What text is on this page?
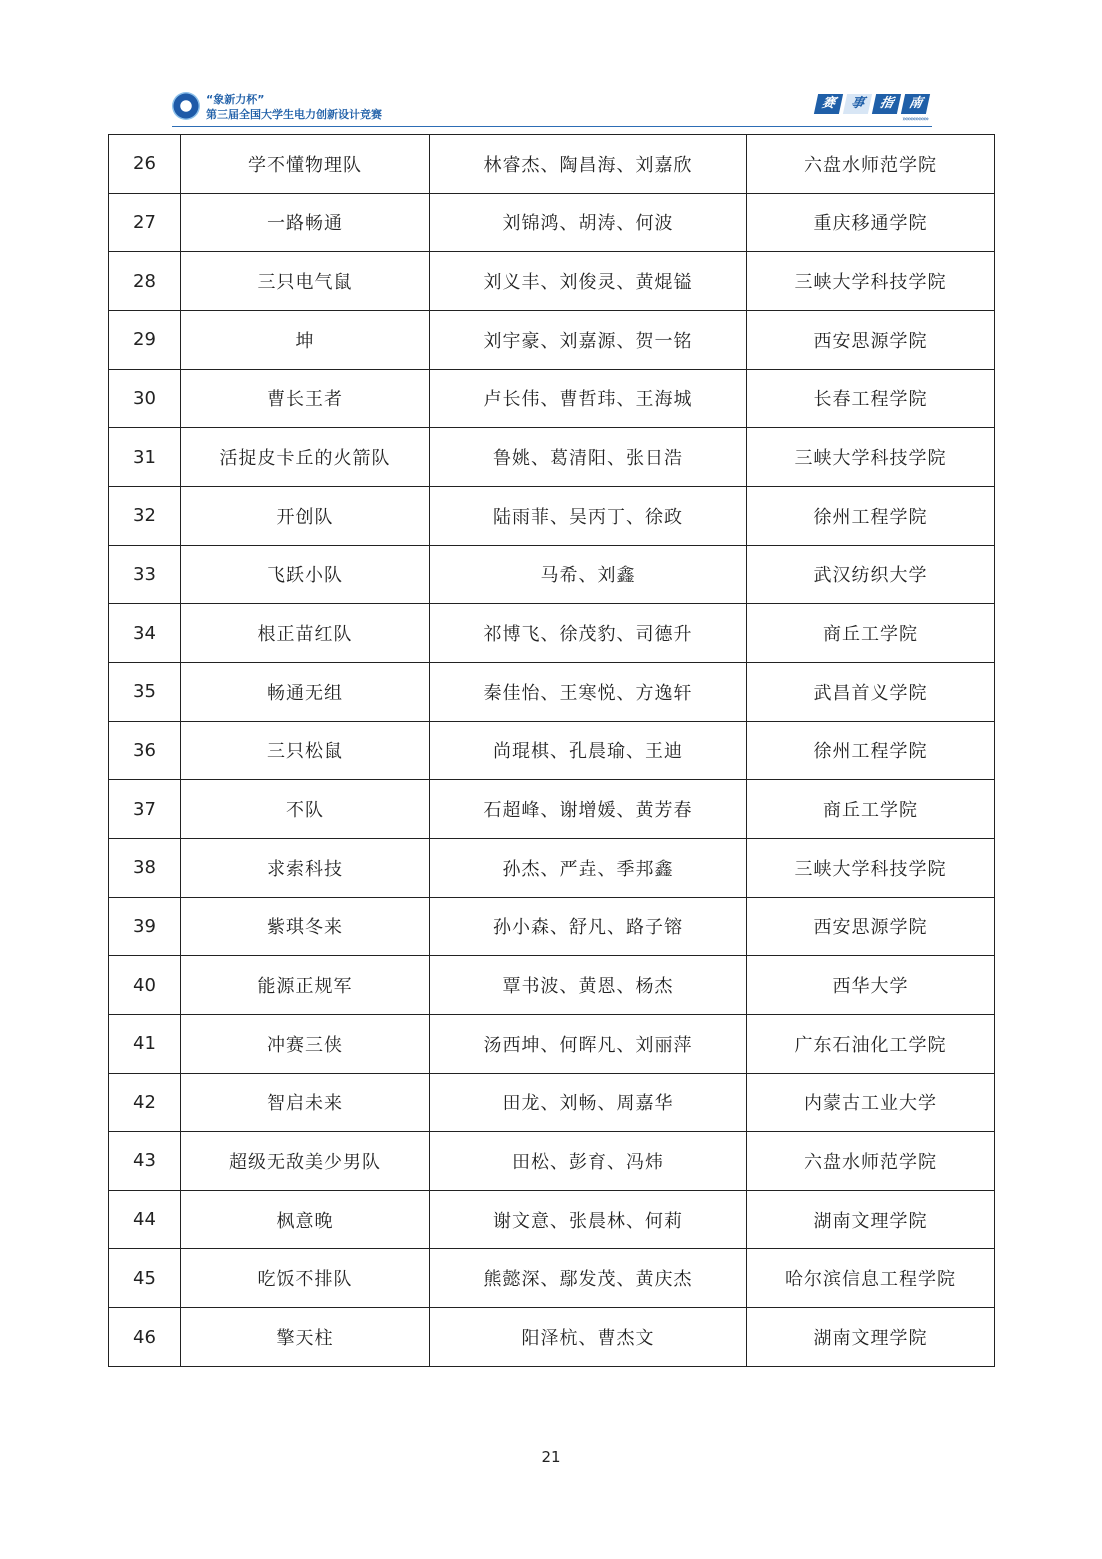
“象新力杯”
第三届全国大学生电力创新设计竞赛
赛 事 指 南
»»»»»»»»
26	学不懂物理队	林睿杰、陶昌海、刘嘉欣	六盘水师范学院
27	一路畅通	刘锦鸿、胡涛、何波	重庆移通学院
28	三只电气鼠	刘义丰、刘俊灵、黄焜镒	三峡大学科技学院
29	坤	刘宇豪、刘嘉源、贺一铭	西安思源学院
30	曹长王者	卢长伟、曹哲玮、王海城	长春工程学院
31	活捉皮卡丘的火箭队	鲁姚、葛清阳、张日浩	三峡大学科技学院
32	开创队	陆雨菲、吴丙丁、徐政	徐州工程学院
33	飞跃小队	马希、刘鑫	武汉纺织大学
34	根正苗红队	祁博飞、徐茂豹、司德升	商丘工学院
35	畅通无组	秦佳怡、王寒悦、方逸轩	武昌首义学院
36	三只松鼠	尚琨棋、孔晨瑜、王迪	徐州工程学院
37	不队	石超峰、谢增媛、黄芳春	商丘工学院
38	求索科技	孙杰、严垚、季邦鑫	三峡大学科技学院
39	紫琪冬来	孙小森、舒凡、路子镕	西安思源学院
40	能源正规军	覃书波、黄恩、杨杰	西华大学
41	冲赛三侠	汤西坤、何晖凡、刘丽萍	广东石油化工学院
42	智启未来	田龙、刘畅、周嘉华	内蒙古工业大学
43	超级无敌美少男队	田松、彭育、冯炜	六盘水师范学院
44	枫意晚	谢文意、张晨林、何莉	湖南文理学院
45	吃饭不排队	熊懿深、鄢发茂、黄庆杰	哈尔滨信息工程学院
46	擎天柱	阳泽杭、曹杰文	湖南文理学院
21
